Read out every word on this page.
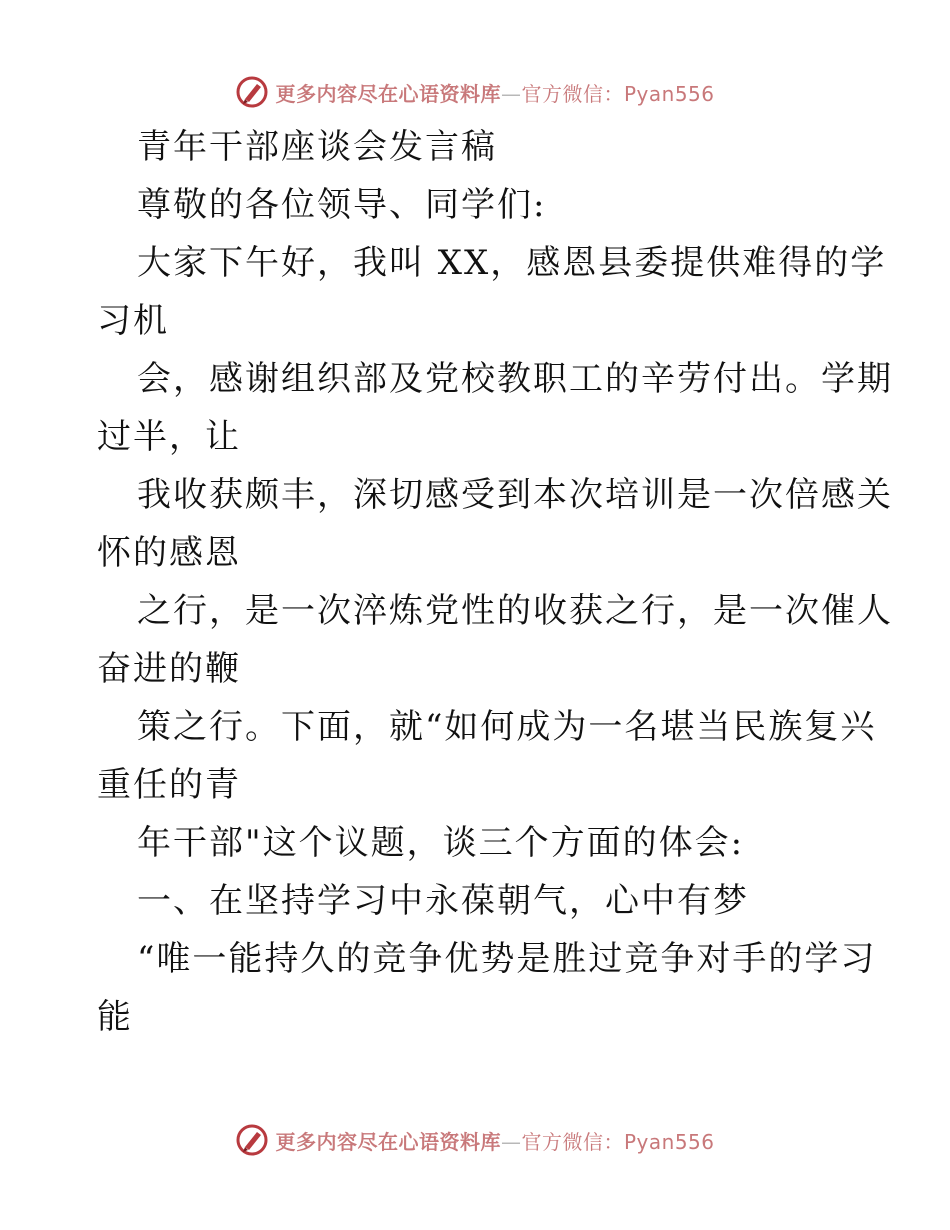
更多内容尽在心语资料库—官方微信：Pyan556
青年干部座谈会发言稿
尊敬的各位领导、同学们:
大家下午好，我叫 XX，感恩县委提供难得的学
习机
会，感谢组织部及党校教职工的辛劳付出。学期
过半，让
我收获颇丰，深切感受到本次培训是一次倍感关
怀的感恩
之行，是一次淬炼党性的收获之行，是一次催人
奋进的鞭
策之行。下面，就“如何成为一名堪当民族复兴
重任的青
年干部"这个议题，谈三个方面的体会:
一、在坚持学习中永葆朝气，心中有梦
“唯一能持久的竞争优势是胜过竞争对手的学习
能
更多内容尽在心语资料库—官方微信：Pyan556
